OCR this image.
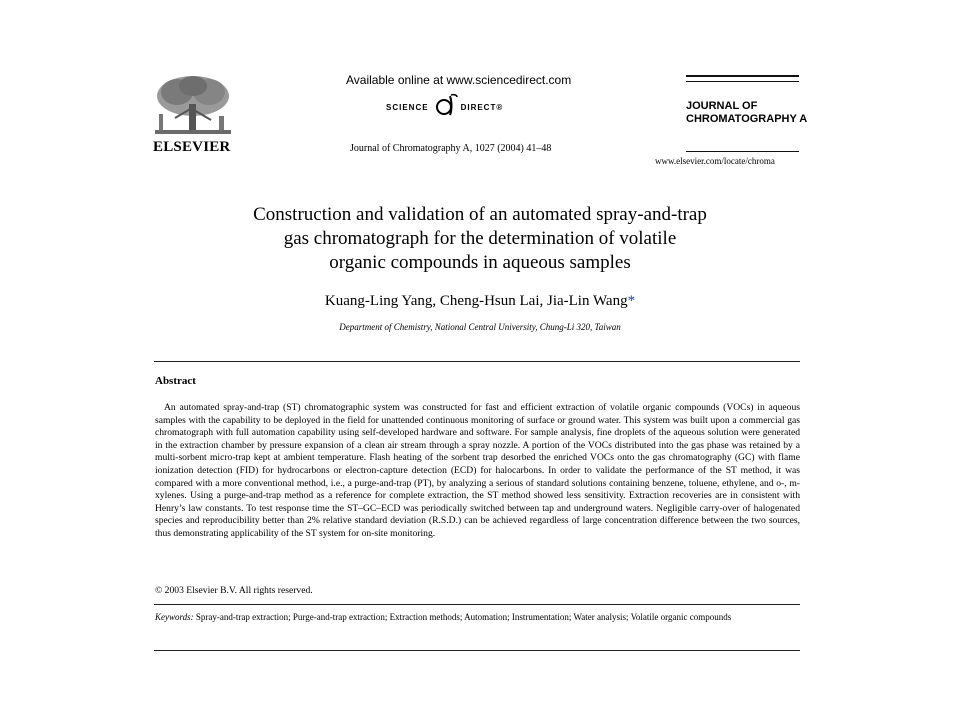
ELSEVIER
Available online at www.sciencedirect.com
SCIENCE	DIRECT®
Journal of Chromatography A, 1027 (2004) 41–48
JOURNAL OF
CHROMATOGRAPHY A
www.elsevier.com/locate/chroma
Construction and validation of an automated spray-and-trap
gas chromatograph for the determination of volatile
organic compounds in aqueous samples
Kuang-Ling Yang, Cheng-Hsun Lai, Jia-Lin Wang*
Department of Chemistry, National Central University, Chung-Li 320, Taiwan
Abstract
An automated spray-and-trap (ST) chromatographic system was constructed for fast and efficient extraction of volatile organic compounds (VOCs) in aqueous samples with the capability to be deployed in the field for unattended continuous monitoring of surface or ground water. This system was built upon a commercial gas chromatograph with full automation capability using self-developed hardware and software. For sample analysis, fine droplets of the aqueous solution were generated in the extraction chamber by pressure expansion of a clean air stream through a spray nozzle. A portion of the VOCs distributed into the gas phase was retained by a multi-sorbent micro-trap kept at ambient temperature. Flash heating of the sorbent trap desorbed the enriched VOCs onto the gas chromatography (GC) with flame ionization detection (FID) for hydrocarbons or electron-capture detection (ECD) for halocarbons. In order to validate the performance of the ST method, it was compared with a more conventional method, i.e., a purge-and-trap (PT), by analyzing a serious of standard solutions containing benzene, toluene, ethylene, and o-, m-xylenes. Using a purge-and-trap method as a reference for complete extraction, the ST method showed less sensitivity. Extraction recoveries are in consistent with Henry’s law constants. To test response time the ST–GC–ECD was periodically switched between tap and underground waters. Negligible carry-over of halogenated species and reproducibility better than 2% relative standard deviation (R.S.D.) can be achieved regardless of large concentration difference between the two sources, thus demonstrating applicability of the ST system for on-site monitoring.
© 2003 Elsevier B.V. All rights reserved.
Keywords: Spray-and-trap extraction; Purge-and-trap extraction; Extraction methods; Automation; Instrumentation; Water analysis; Volatile organic compounds
